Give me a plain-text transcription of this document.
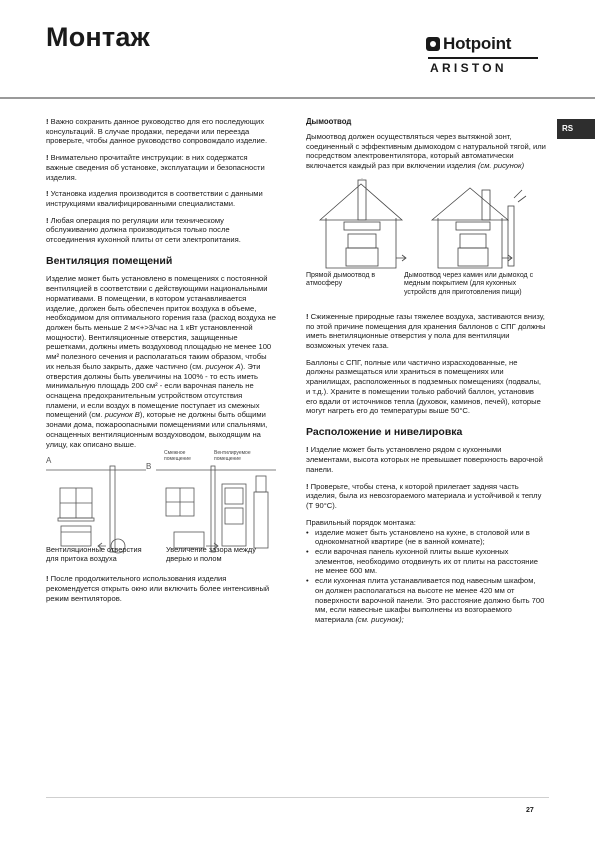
Монтаж	Hotpoint
ARISTON
RS

! Важно сохранить данное руководство для его последующих консультаций. В случае продажи, передачи или переезда проверьте, чтобы данное руководство сопровождало изделие.

! Внимательно прочитайте инструкции: в них содержатся важные сведения об установке, эксплуатации и безопасности изделия.

! Установка изделия производится в соответствии с данными инструкциями квалифицированными специалистами.

! Любая операция по регуляции или техническому обслуживанию должна производиться только после отсоединения кухонной плиты от сети электропитания.

Вентиляция помещений

Изделие может быть установлено в помещениях с постоянной вентиляцией в соответствии с действующими национальными нормативами. В помещении, в котором устанавливается изделие, должен быть обеспечен приток воздуха в объеме, необходимом для оптимального горения газа (расход воздуха не должен быть меньше 2 м<+>3/час на 1 кВт установленной мощности). Вентиляционные отверстия, защищенные решетками, должны иметь воздуховод площадью не менее 100 мм² полезного сечения и располагаться таким образом, чтобы их нельзя было закрыть, даже частично (см. рисунок А). Эти отверстия должны быть увеличины на 100% - то есть иметь минимальную площадь 200 см² - если варочная панель не оснащена предохранительным устройством отсутствия пламени, и если воздух в помещение поступает из смежных помещений (см. рисунок В), которые не должны быть общими зонами дома, пожароопасными помещениями или спальнями, оснащенных вентиляционным воздуховодом, выходящим на улицу, как описано выше.

A
B
Смежное помещение
Вентилируемое помещение
Вентиляционные отверстия для притока воздуха
Увеличение зазора между дверью и полом

! После продолжительного использования изделия рекомендуется открыть окно или включить более интенсивный режим вентиляторов.

Дымоотвод

Дымоотвод должен осуществляться через вытяжной зонт, соединенный с эффективным дымоходом с натуральной тягой, или посредством электровентилятора, который автоматически включается каждый раз при включении изделия (см. рисунок)

Прямой дымоотвод в атмосферу
Дымоотвод через камин или дымоход с медным покрытием (для кухонных устройств для приготовления пищи)

! Сжиженные природные газы тяжелее воздуха, застиваются внизу, по этой причине помещения для хранения баллонов с СПГ должны иметь внетиляционные отверстия у пола для вентиляции возможных утечек газа.

Баллоны с СПГ, полные или частично израсходованные, не должны размещаться или храниться в помещениях или хранилищах, расположенных в подземных помещениях (подвалы, и т.д.). Храните в помещении только рабочий баллон, установив его вдали от источников тепла (духовок, каминов, печей), которые могут нагреть его до температуры выше 50°С.

Расположение и нивелировка

! Изделие может быть установлено рядом с кухонными элементами, высота которых не превышает поверхность варочной панели.

! Проверьте, чтобы стена, к которой прилегает задняя часть изделия, была из невозгораемого материала и устойчивой к теплу (Т 90°С).

Правильный порядок монтажа:

• изделие может быть установлено на кухне, в столовой или в однокомнатной квартире (не в ванной комнате);
• если варочная панель кухонной плиты выше кухонных элементов, необходимо отодвинуть их от плиты на расстояние не менее 600 мм.
• если кухонная плита устанавливается под навесным шкафом, он должен располагаться на высоте не менее 420 мм от поверхности варочной панели. Это расстояние должно быть 700 мм, если навесные шкафы выполнены из возгораемого материала (см. рисунок);
27
